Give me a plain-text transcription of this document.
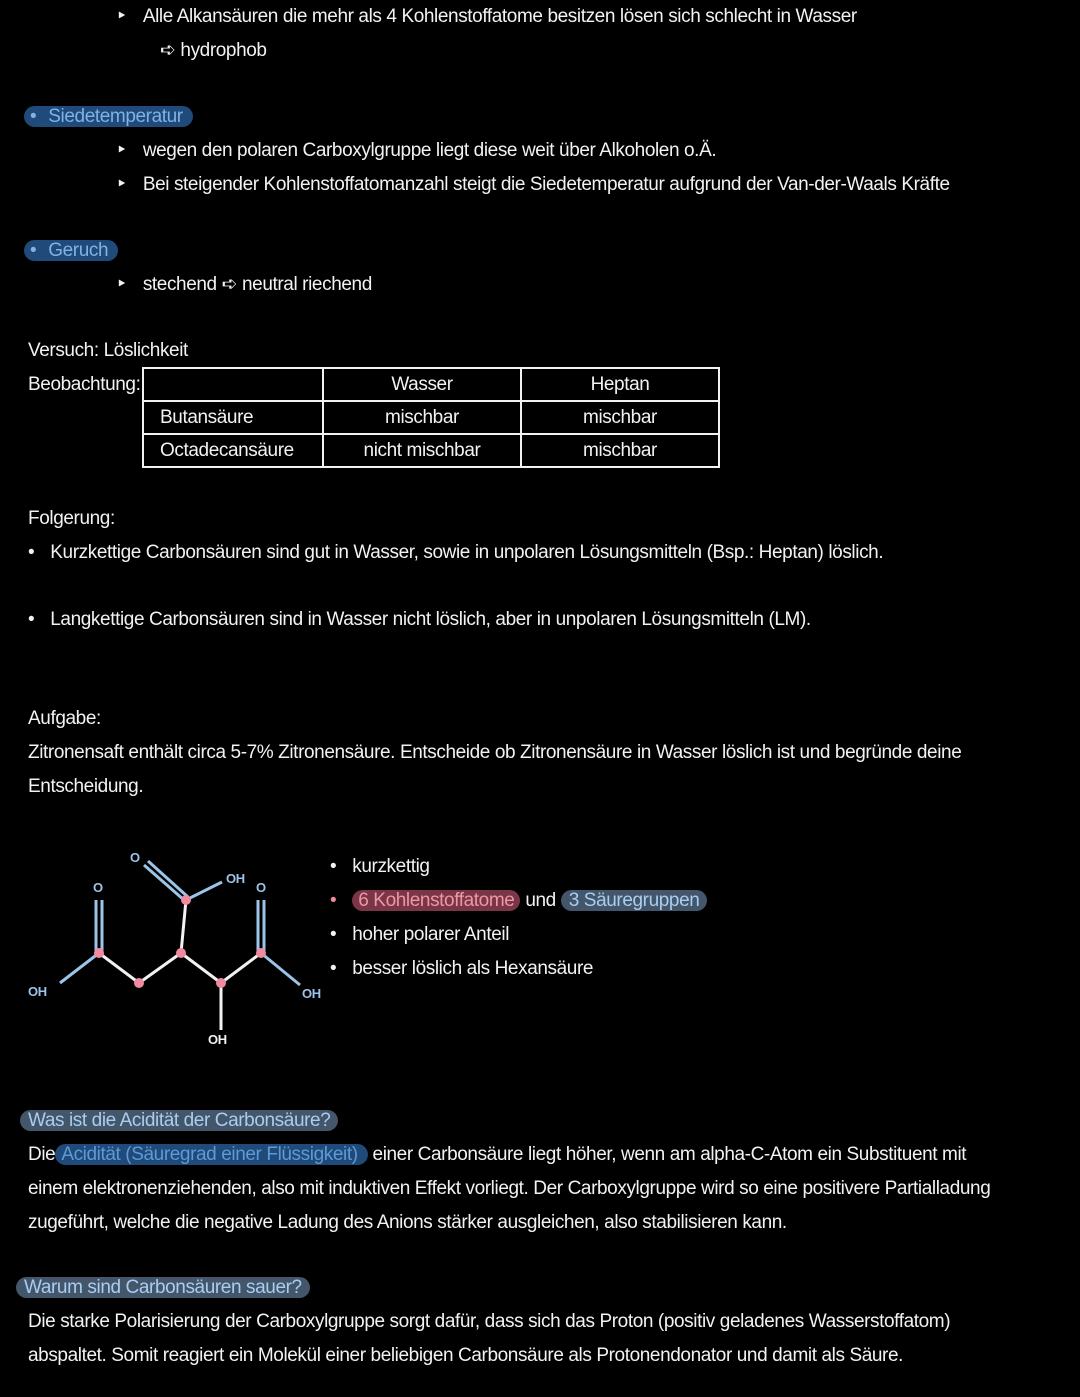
‣ Alle Alkansäuren die mehr als 4 Kohlenstoffatome besitzen lösen sich schlecht in Wasser
➪ hydrophob
• Siedetemperatur
‣ wegen den polaren Carboxylgruppe liegt diese weit über Alkoholen o.Ä.
‣ Bei steigender Kohlenstoffatomanzahl steigt die Siedetemperatur aufgrund der Van-der-Waals Kräfte
• Geruch
‣ stechend ➪ neutral riechend
Versuch: Löslichkeit
Beobachtung:
		Wasser	Heptan
Butansäure	mischbar	mischbar
Octadecansäure	nicht mischbar	mischbar
Folgerung:
• Kurzkettige Carbonsäuren sind gut in Wasser, sowie in unpolaren Lösungsmitteln (Bsp.: Heptan) löslich.
• Langkettige Carbonsäuren sind in Wasser nicht löslich, aber in unpolaren Lösungsmitteln (LM).
Aufgabe:
Zitronensaft enthält circa 5-7% Zitronensäure. Entscheide ob Zitronensäure in Wasser löslich ist und begründe deine
Entscheidung.
O	O
O
OH
OH	OH
OH
• kurzkettig
• 6 Kohlenstoffatome und 3 Säuregruppen
• hoher polarer Anteil
• besser löslich als Hexansäure
Was ist die Acidität der Carbonsäure?
Die Acidität (Säuregrad einer Flüssigkeit) einer Carbonsäure liegt höher, wenn am alpha-C-Atom ein Substituent mit
einem elektronenziehenden, also mit induktiven Effekt vorliegt. Der Carboxylgruppe wird so eine positivere Partialladung
zugeführt, welche die negative Ladung des Anions stärker ausgleichen, also stabilisieren kann.
Warum sind Carbonsäuren sauer?
Die starke Polarisierung der Carboxylgruppe sorgt dafür, dass sich das Proton (positiv geladenes Wasserstoffatom)
abspaltet. Somit reagiert ein Molekül einer beliebigen Carbonsäure als Protonendonator und damit als Säure.
